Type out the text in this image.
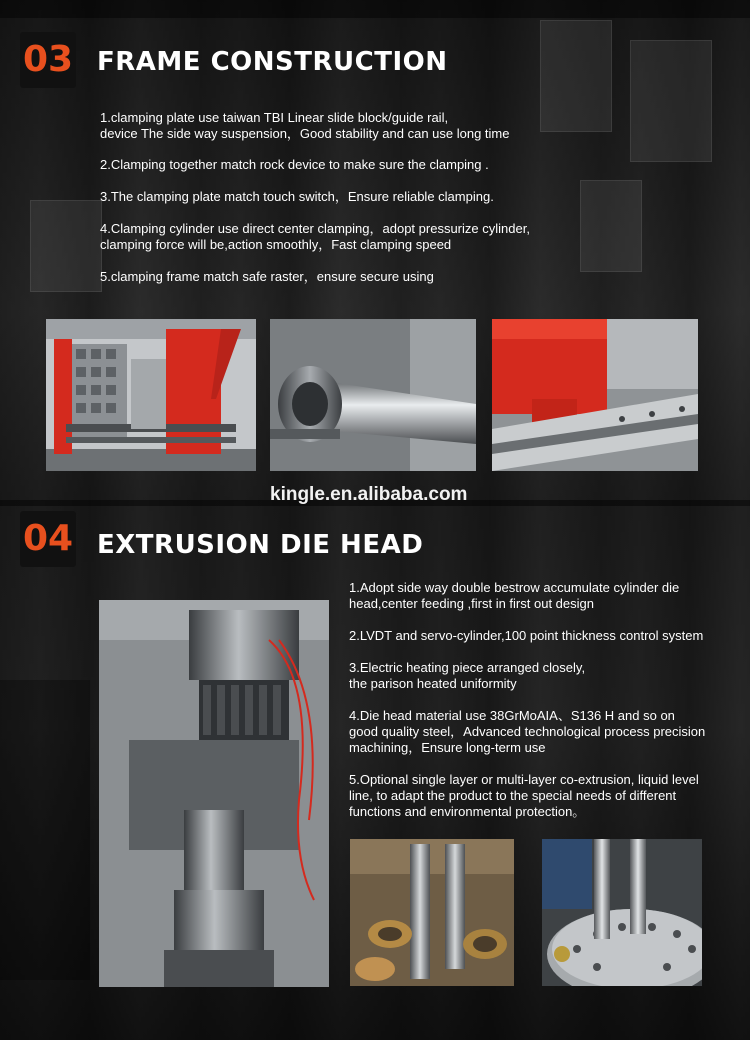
03 FRAME CONSTRUCTION
1.clamping plate use taiwan TBI Linear slide block/guide rail,
device The side way suspension，Good stability and can use long time
2.Clamping together match rock device to make sure the clamping .
3.The clamping plate match touch switch，Ensure reliable clamping.
4.Clamping cylinder use direct center clamping，adopt pressurize cylinder,
clamping force will be,action smoothly，Fast clamping speed
5.clamping frame match safe raster，ensure secure using
kingle.en.alibaba.com
04 EXTRUSION DIE HEAD
1.Adopt side way double bestrow accumulate cylinder die
head,center feeding ,first in first out design
2.LVDT and servo-cylinder,100 point thickness control system
3.Electric heating piece arranged closely,
the parison heated uniformity
4.Die head material use 38GrMoAIA、S136 H and so on
good quality steel，Advanced technological process precision
machining，Ensure long-term use
5.Optional single layer or multi-layer co-extrusion, liquid level
line, to adapt the product to the special needs of different
functions and environmental protection。
